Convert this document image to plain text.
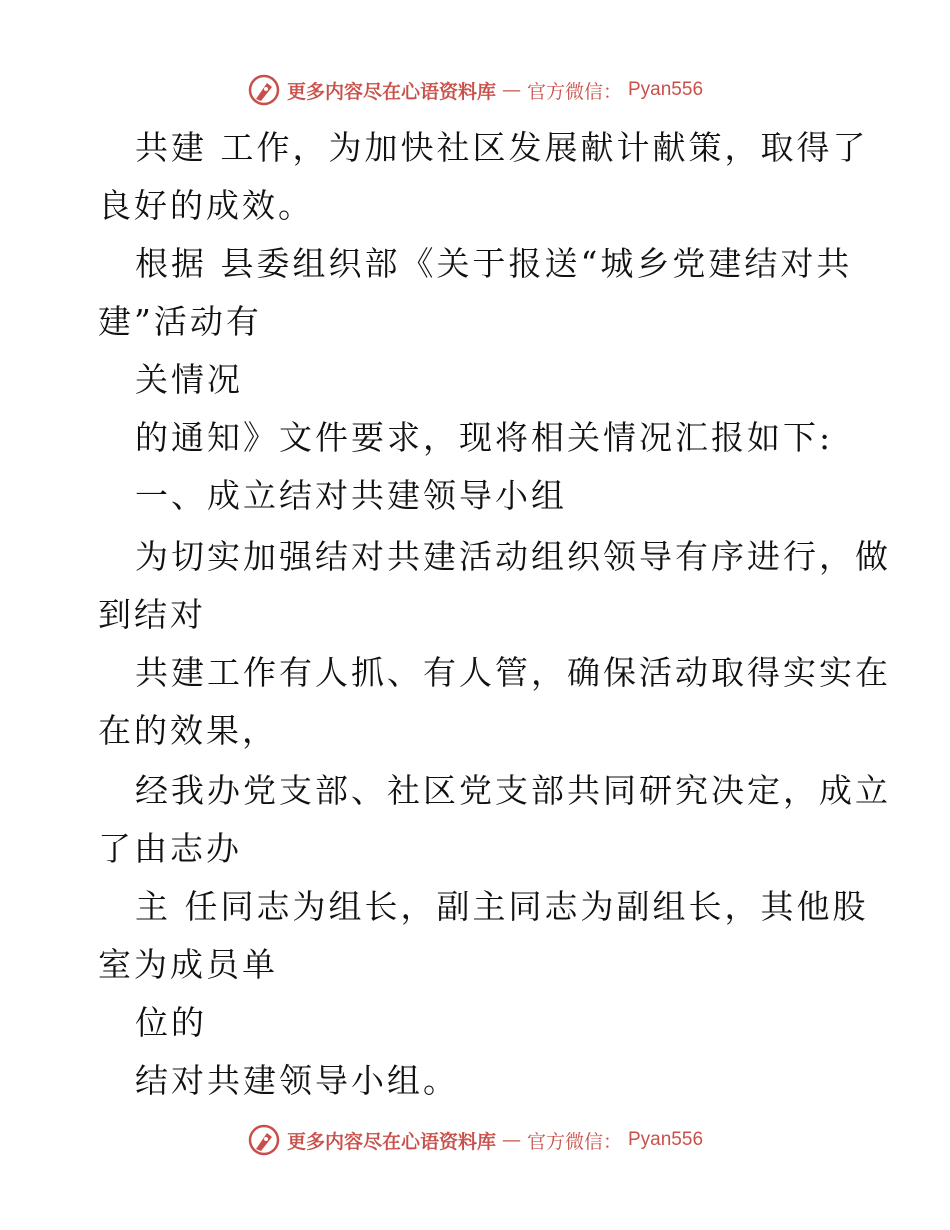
更多内容尽在心语资料库 — 官方微信： Pyan556
共建 工作，为加快社区发展献计献策，取得了
良好的成效。
根据 县委组织部《关于报送“城乡党建结对共
建”活动有
关情况
的通知》文件要求，现将相关情况汇报如下:
一、成立结对共建领导小组
为切实加强结对共建活动组织领导有序进行，做
到结对
共建工作有人抓、有人管，确保活动取得实实在
在的效果，
经我办党支部、社区党支部共同研究决定，成立
了由志办
主 任同志为组长，副主同志为副组长，其他股
室为成员单
位的
结对共建领导小组。
更多内容尽在心语资料库 — 官方微信： Pyan556
